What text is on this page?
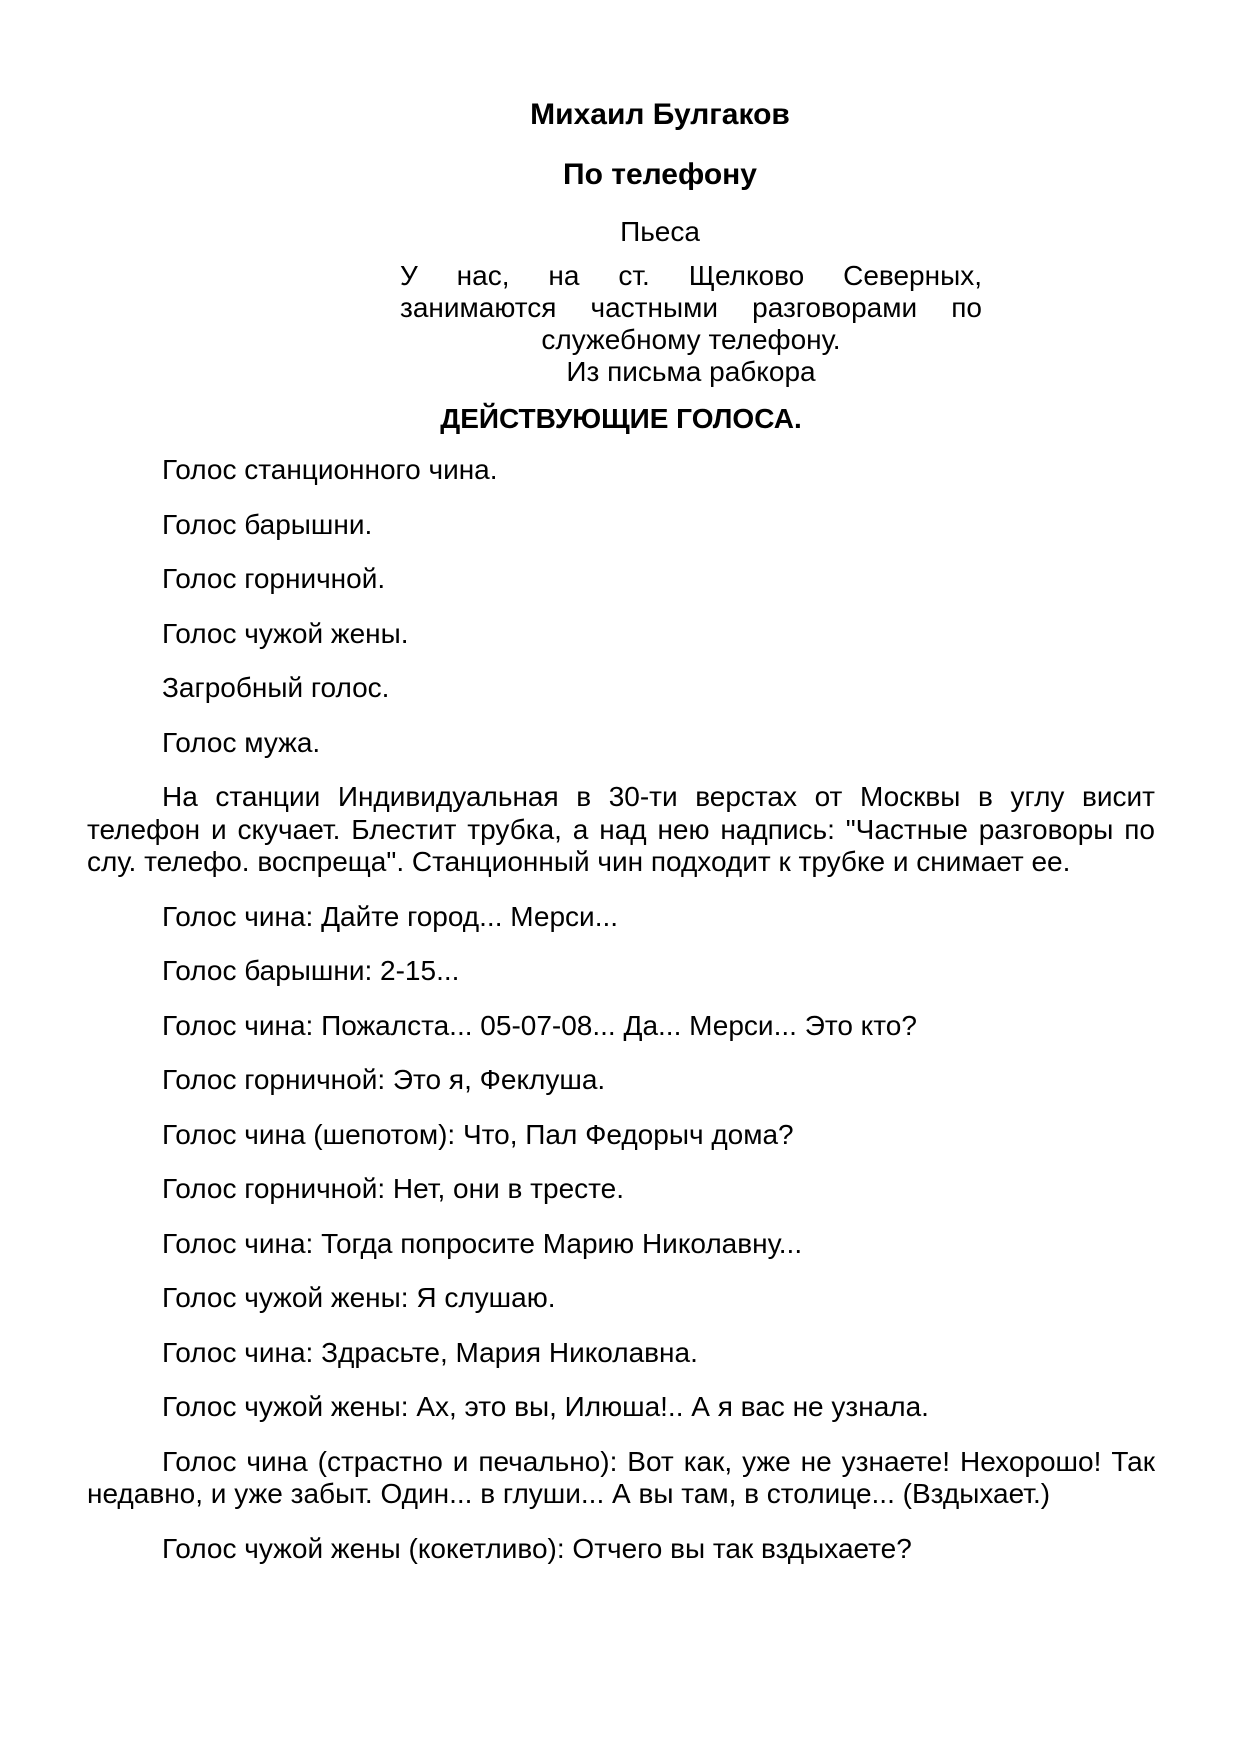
Михаил Булгаков
По телефону
Пьеса
У нас, на ст. Щелково Северных,
занимаются частными разговорами по
служебному телефону.
Из письма рабкора
ДЕЙСТВУЮЩИЕ ГОЛОСА.

Голос станционного чина.

Голос барышни.

Голос горничной.

Голос чужой жены.

Загробный голос.

Голос мужа.

На станции Индивидуальная в 30-ти верстах от Москвы в углу висит телефон и скучает. Блестит трубка, а над нею надпись: "Частные разговоры по слу. телефо. воспреща". Станционный чин подходит к трубке и снимает ее.

Голос чина: Дайте город... Мерси...

Голос барышни: 2-15...

Голос чина: Пожалста... 05-07-08... Да... Мерси... Это кто?

Голос горничной: Это я, Феклуша.

Голос чина (шепотом): Что, Пал Федорыч дома?

Голос горничной: Нет, они в тресте.

Голос чина: Тогда попросите Марию Николавну...

Голос чужой жены: Я слушаю.

Голос чина: Здрасьте, Мария Николавна.

Голос чужой жены: Ах, это вы, Илюша!.. А я вас не узнала.

Голос чина (страстно и печально): Вот как, уже не узнаете! Нехорошо! Так недавно, и уже забыт. Один... в глуши... А вы там, в столице... (Вздыхает.)

Голос чужой жены (кокетливо): Отчего вы так вздыхаете?
